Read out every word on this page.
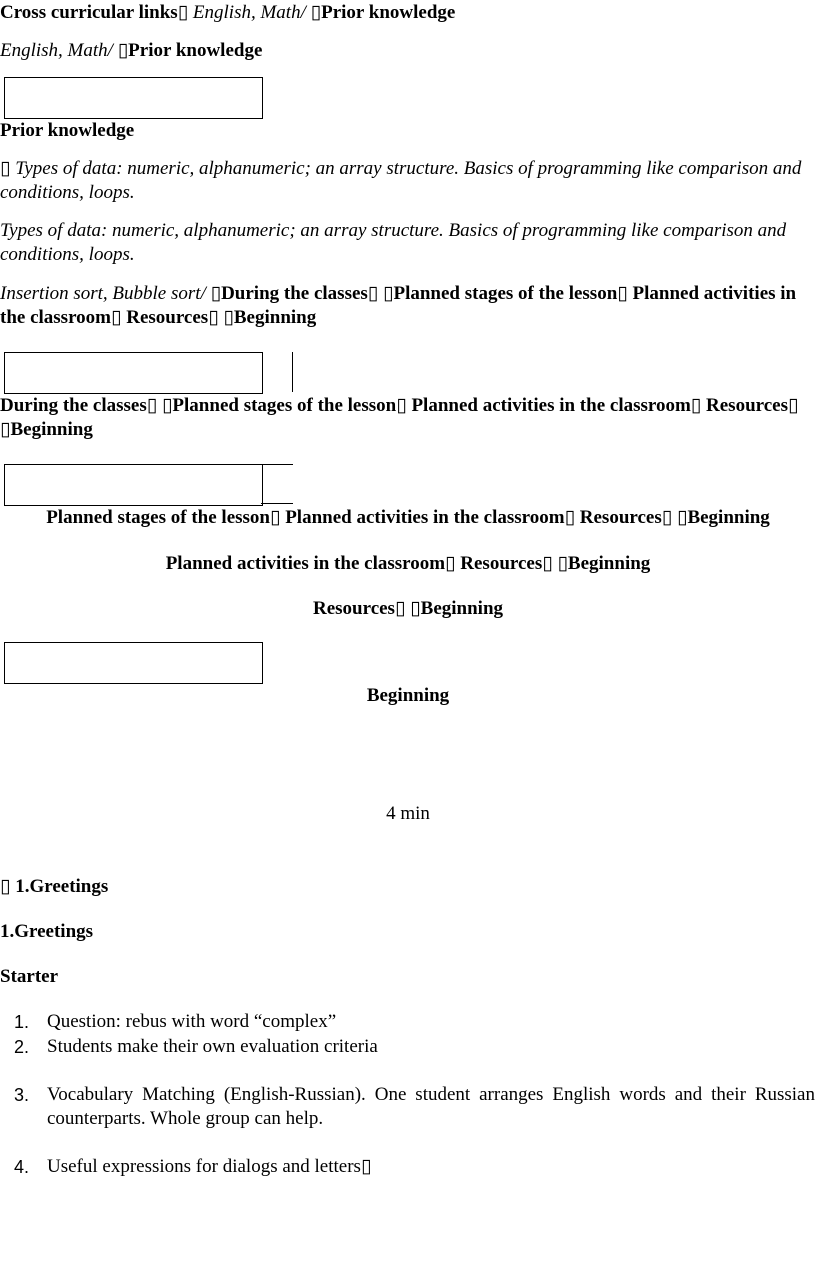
Cross curricular links▯ English, Math/ ▯Prior knowledge
English, Math/ ▯Prior knowledge
Prior knowledge
▯ Types of data: numeric, alphanumeric; an array structure. Basics of programming like comparison and conditions, loops.
Types of data: numeric, alphanumeric; an array structure. Basics of programming like comparison and conditions, loops.
Insertion sort, Bubble sort/ ▯During the classes▯ ▯Planned stages of the lesson▯ Planned activities in the classroom▯ Resources▯ ▯Beginning
During the classes▯ ▯Planned stages of the lesson▯ Planned activities in the classroom▯ Resources▯ ▯Beginning
Planned stages of the lesson▯ Planned activities in the classroom▯ Resources▯ ▯Beginning
Planned activities in the classroom▯ Resources▯ ▯Beginning
Resources▯ ▯Beginning
Beginning
4 min
▯ 1.Greetings
1.Greetings
Starter
1. Question: rebus with word “complex”
2. Students make their own evaluation criteria
3. Vocabulary Matching (English-Russian). One student arranges English words and their Russian counterparts. Whole group can help.
4. Useful expressions for dialogs and letters▯
